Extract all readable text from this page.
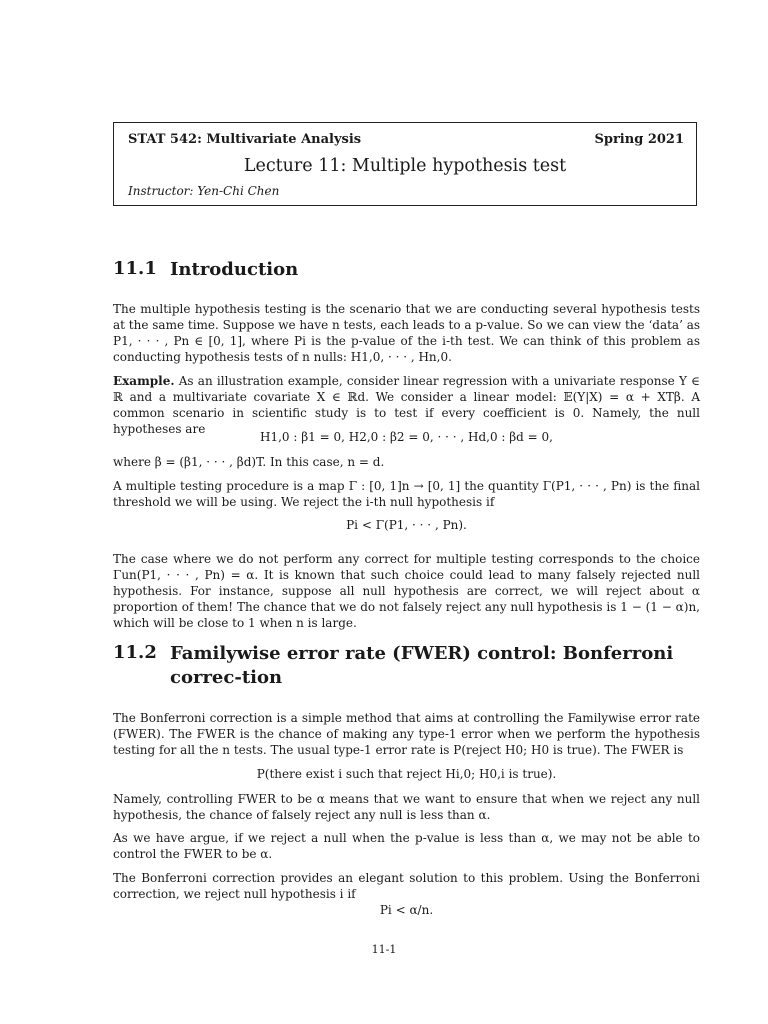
STAT 542: Multivariate Analysis	Spring 2021
Lecture 11: Multiple hypothesis test
Instructor: Yen-Chi Chen
11.1 Introduction

The multiple hypothesis testing is the scenario that we are conducting several hypothesis tests at the same time. Suppose we have n tests, each leads to a p-value. So we can view the ‘data’ as P1, · · · , Pn ∈ [0, 1], where Pi is the p-value of the i-th test. We can think of this problem as conducting hypothesis tests of n nulls: H1,0, · · · , Hn,0.

Example. As an illustration example, consider linear regression with a univariate response Y ∈ ℝ and a multivariate covariate X ∈ ℝd. We consider a linear model: 𝔼(Y|X) = α + XTβ. A common scenario in scientific study is to test if every coefficient is 0. Namely, the null hypotheses are

H1,0 : β1 = 0, H2,0 : β2 = 0, · · · , Hd,0 : βd = 0,

where β = (β1, · · · , βd)T. In this case, n = d.

A multiple testing procedure is a map Γ : [0, 1]n → [0, 1] the quantity Γ(P1, · · · , Pn) is the final threshold we will be using. We reject the i-th null hypothesis if

Pi < Γ(P1, · · · , Pn).

The case where we do not perform any correct for multiple testing corresponds to the choice Γun(P1, · · · , Pn) = α. It is known that such choice could lead to many falsely rejected null hypothesis. For instance, suppose all null hypothesis are correct, we will reject about α proportion of them! The chance that we do not falsely reject any null hypothesis is 1 − (1 − α)n, which will be close to 1 when n is large.

11.2 Familywise error rate (FWER) control: Bonferroni correc-tion

The Bonferroni correction is a simple method that aims at controlling the Familywise error rate (FWER). The FWER is the chance of making any type-1 error when we perform the hypothesis testing for all the n tests. The usual type-1 error rate is P(reject H0; H0 is true). The FWER is

P(there exist i such that reject Hi,0; H0,i is true).

Namely, controlling FWER to be α means that we want to ensure that when we reject any null hypothesis, the chance of falsely reject any null is less than α.

As we have argue, if we reject a null when the p-value is less than α, we may not be able to control the FWER to be α.

The Bonferroni correction provides an elegant solution to this problem. Using the Bonferroni correction, we reject null hypothesis i if

Pi < α/n.

11-1
